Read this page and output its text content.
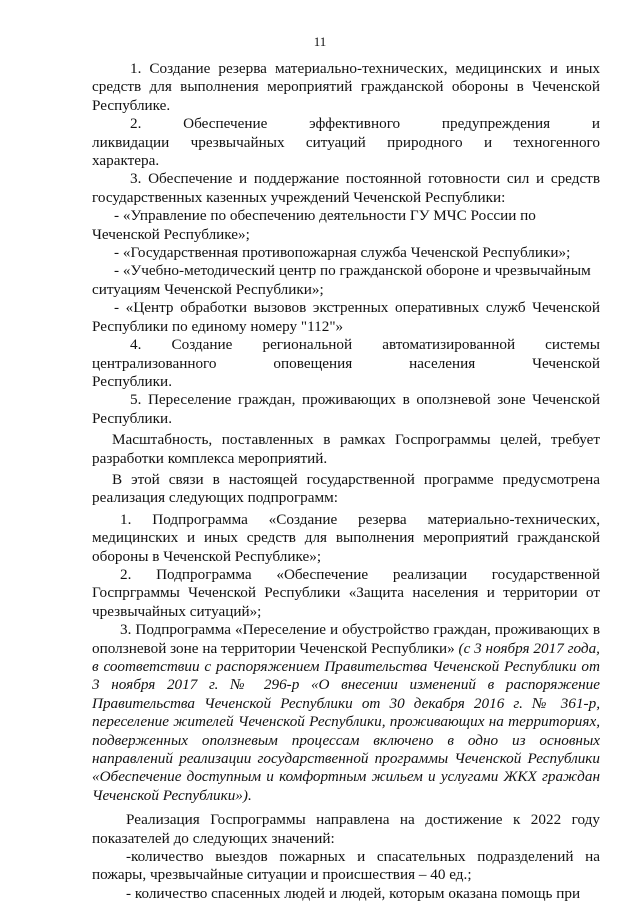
11

1. Создание резерва материально-технических, медицинских и иных средств для выполнения мероприятий гражданской обороны в Чеченской Республике.

2. Обеспечение эффективного предупреждения и ликвидации чрезвычайных ситуаций природного и техногенного характера.

3. Обеспечение и поддержание постоянной готовности сил и средств государственных казенных учреждений Чеченской Республики:

- «Управление по обеспечению деятельности ГУ МЧС России по Чеченской Республике»;

- «Государственная противопожарная служба Чеченской Республики»;

- «Учебно-методический центр по гражданской обороне и чрезвычайным ситуациям Чеченской Республики»;

- «Центр обработки вызовов экстренных оперативных служб Чеченской Республики по единому номеру "112"»

4. Создание региональной автоматизированной системы централизованного оповещения населения Чеченской Республики.

5. Переселение граждан, проживающих в оползневой зоне Чеченской Республики.

Масштабность, поставленных в рамках Госпрограммы целей, требует разработки комплекса мероприятий.

В этой связи в настоящей государственной программе предусмотрена реализация следующих подпрограмм:

1. Подпрограмма «Создание резерва материально-технических, медицинских и иных средств для выполнения мероприятий гражданской обороны в Чеченской Республике»;

2. Подпрограмма «Обеспечение реализации государственной Госпрграммы Чеченской Республики «Защита населения и территории от чрезвычайных ситуаций»;

3. Подпрограмма «Переселение и обустройство граждан, проживающих в оползневой зоне на территории Чеченской Республики» (с 3 ноября 2017 года, в соответствии с распоряжением Правительства Чеченской Республики от 3 ноября 2017 г. № 296-р «О внесении изменений в распоряжение Правительства Чеченской Республики от 30 декабря 2016 г. № 361-р, переселение жителей Чеченской Республики, проживающих на территориях, подверженных оползневым процессам включено в одно из основных направлений реализации государственной программы Чеченской Республики «Обеспечение доступным и комфортным жильем и услугами ЖКХ граждан Чеченской Республики»).

Реализация Госпрограммы направлена на достижение к 2022 году показателей до следующих значений:

-количество выездов пожарных и спасательных подразделений на пожары, чрезвычайные ситуации и происшествия – 40 ед.;

- количество спасенных людей и людей, которым оказана помощь при
